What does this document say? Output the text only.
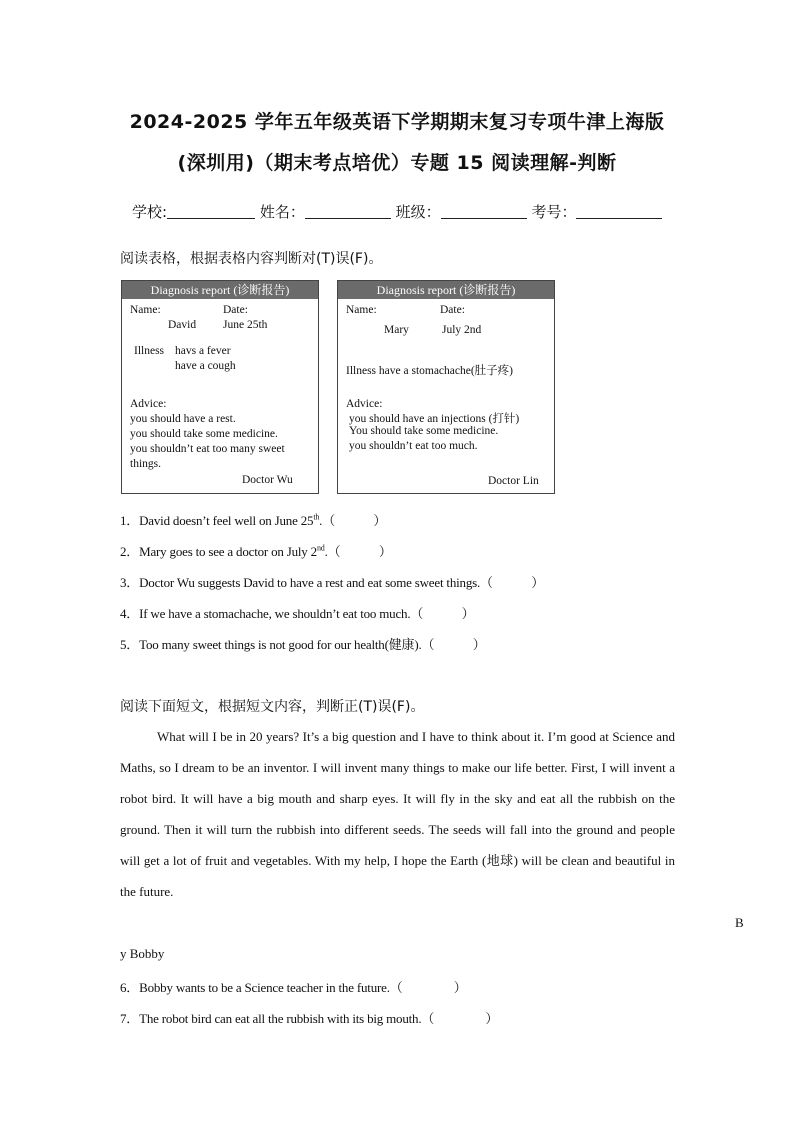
2024-2025 学年五年级英语下学期期末复习专项牛津上海版
(深圳用)（期末考点培优）专题 15 阅读理解-判断
学校:	姓名：	班级：	考号：
阅读表格，根据表格内容判断对(T)误(F)。
Diagnosis report (诊断报告)
Name:	Date:
David June 25th
Illness havs a fever
have a cough
Advice:
you should have a rest.
you should take some medicine.
you shouldn’t eat too many sweet
things.
Doctor Wu
Diagnosis report (诊断报告)
Name:	Date:
Mary	July 2nd
Illness have a stomachache(肚子疼)
Advice:
you should have an injections (打针)
You should take some medicine.
you shouldn’t eat too much.
Doctor Lin
1．David doesn’t feel well on June 25th.（　　　）
2．Mary goes to see a doctor on July 2nd.（　　　）
3．Doctor Wu suggests David to have a rest and eat some sweet things.（　　　）
4．If we have a stomachache, we shouldn’t eat too much.（　　　）
5．Too many sweet things is not good for our health(健康).（　　　）
阅读下面短文，根据短文内容，判断正(T)误(F)。
What will I be in 20 years? It’s a big question and I have to think about it. I’m good at Science and Maths, so I dream to be an inventor. I will invent many things to make our life better. First, I will invent a robot bird. It will have a big mouth and sharp eyes. It will fly in the sky and eat all the rubbish on the ground. Then it will turn the rubbish into different seeds. The seeds will fall into the ground and people will get a lot of fruit and vegetables. With my help, I hope the Earth (地球) will be clean and beautiful in the future.
B
y Bobby
6．Bobby wants to be a Science teacher in the future.（　　　　）
7．The robot bird can eat all the rubbish with its big mouth.（　　　　）
